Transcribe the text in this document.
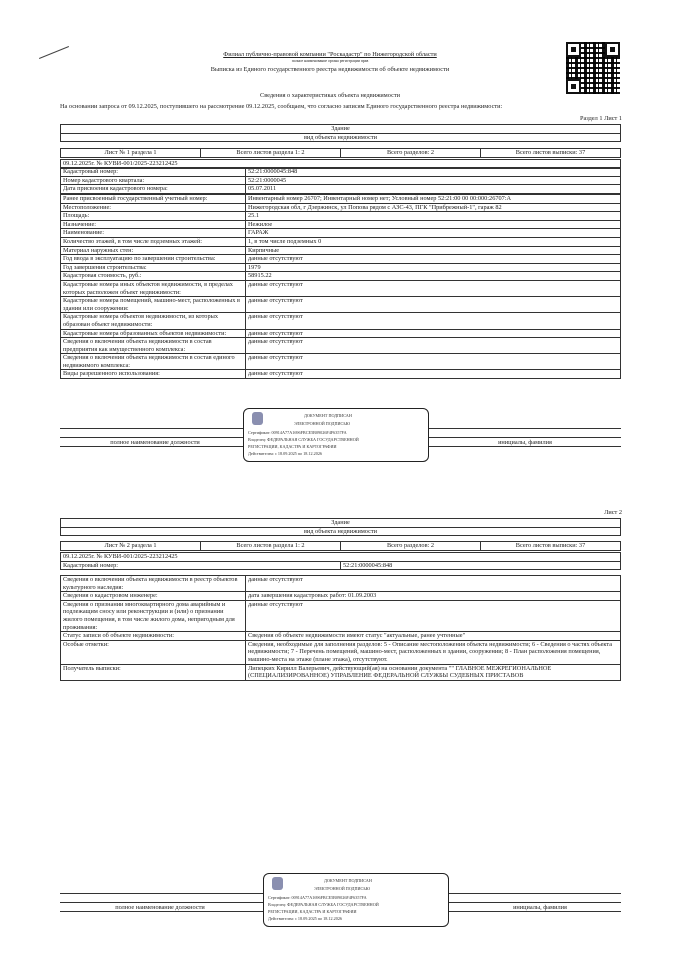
Филиал публично-правовой компании "Роскадастр" по Нижегородской области
полное наименование органа регистрации прав
Выписка из Единого государственного реестра недвижимости об объекте недвижимости
Сведения о характеристиках объекта недвижимости
На основании запроса от 09.12.2025, поступившего на рассмотрение 09.12.2025, сообщаем, что согласно записям Единого государственного реестра недвижимости:
Раздел 1 Лист 1
Здание
вид объекта недвижимости
Лист № 1 раздела 1	Всего листов раздела 1: 2	Всего разделов: 2	Всего листов выписки: 37
09.12.2025г. № КУВИ-001/2025-223212425
Кадастровый номер:	52:21:0000045:848
Номер кадастрового квартала:	52:21:0000045
Дата присвоения кадастрового номера:	05.07.2011
Ранее присвоенный государственный учетный номер:	Инвентарный номер 26707; Инвентарный номер нет; Условный номер 52:21:00 00 00:000:26707:А
Местоположение:	Нижегородская обл, г Дзержинск, ул Попова рядом с АЗС-43, ПГК "Прибрежный-1", гараж 82
Площадь:	25.1
Назначение:	Нежилое
Наименование:	ГАРАЖ
Количество этажей, в том числе подземных этажей:	1, в том числе подземных 0
Материал наружных стен:	Кирпичные
Год ввода в эксплуатацию по завершении строительства:	данные отсутствуют
Год завершения строительства:	1979
Кадастровая стоимость, руб.:	58915.22
Кадастровые номера иных объектов недвижимости, в пределах которых расположен объект недвижимости:	данные отсутствуют
Кадастровые номера помещений, машино-мест, расположенных в здании или сооружении:	данные отсутствуют
Кадастровые номера объектов недвижимости, из которых образован объект недвижимости:	данные отсутствуют
Кадастровые номера образованных объектов недвижимости:	данные отсутствуют
Сведения о включении объекта недвижимости в состав предприятия как имущественного комплекса:	данные отсутствуют
Сведения о включении объекта недвижимости в состав единого недвижимого комплекса:	данные отсутствуют
Виды разрешенного использования:	данные отсутствуют
полное наименование должности	инициалы, фамилия
ДОКУМЕНТ ПОДПИСАН
ЭЛЕКТРОННОЙ ПОДПИСЬЮ
Сертификат: 00914A77A1696FBCE5B09026F4F6357FA
Владелец: ФЕДЕРАЛЬНАЯ СЛУЖБА ГОСУДАРСТВЕННОЙ
РЕГИСТРАЦИИ, КАДАСТРА И КАРТОГРАФИИ
Действителен: с 18.09.2025 по 18.12.2026
Лист 2
Здание
вид объекта недвижимости
Лист № 2 раздела 1	Всего листов раздела 1: 2	Всего разделов: 2	Всего листов выписки: 37
09.12.2025г. № КУВИ-001/2025-223212425
Кадастровый номер:	52:21:0000045:848
Сведения о включении объекта недвижимости в реестр объектов культурного наследия:	данные отсутствуют
Сведения о кадастровом инженере:	дата завершения кадастровых работ: 01.09.2003
Сведения о признании многоквартирного дома аварийным и подлежащим сносу или реконструкции и (или) о признании жилого помещения, в том числе жилого дома, непригодным для проживания:	данные отсутствуют
Статус записи об объекте недвижимости:	Сведения об объекте недвижимости имеют статус "актуальные, ранее учтенные"
Особые отметки:	Сведения, необходимые для заполнения разделов: 5 - Описание местоположения объекта недвижимости; 6 - Сведения о частях объекта недвижимости; 7 - Перечень помещений, машино-мест, расположенных в здании, сооружении; 8 - План расположения помещения, машино-места на этаже (плане этажа), отсутствуют.
Получатель выписки:	Липецких Кирилл Валерьевич, действующий(ая) на основании документа "" ГЛАВНОЕ МЕЖРЕГИОНАЛЬНОЕ (СПЕЦИАЛИЗИРОВАННОЕ) УПРАВЛЕНИЕ ФЕДЕРАЛЬНОЙ СЛУЖБЫ СУДЕБНЫХ ПРИСТАВОВ
полное наименование должности	инициалы, фамилия
ДОКУМЕНТ ПОДПИСАН
ЭЛЕКТРОННОЙ ПОДПИСЬЮ
Сертификат: 00914A77A1696FBCE5B09026F4F6357FA
Владелец: ФЕДЕРАЛЬНАЯ СЛУЖБА ГОСУДАРСТВЕННОЙ
РЕГИСТРАЦИИ, КАДАСТРА И КАРТОГРАФИИ
Действителен: с 18.09.2025 по 18.12.2026
